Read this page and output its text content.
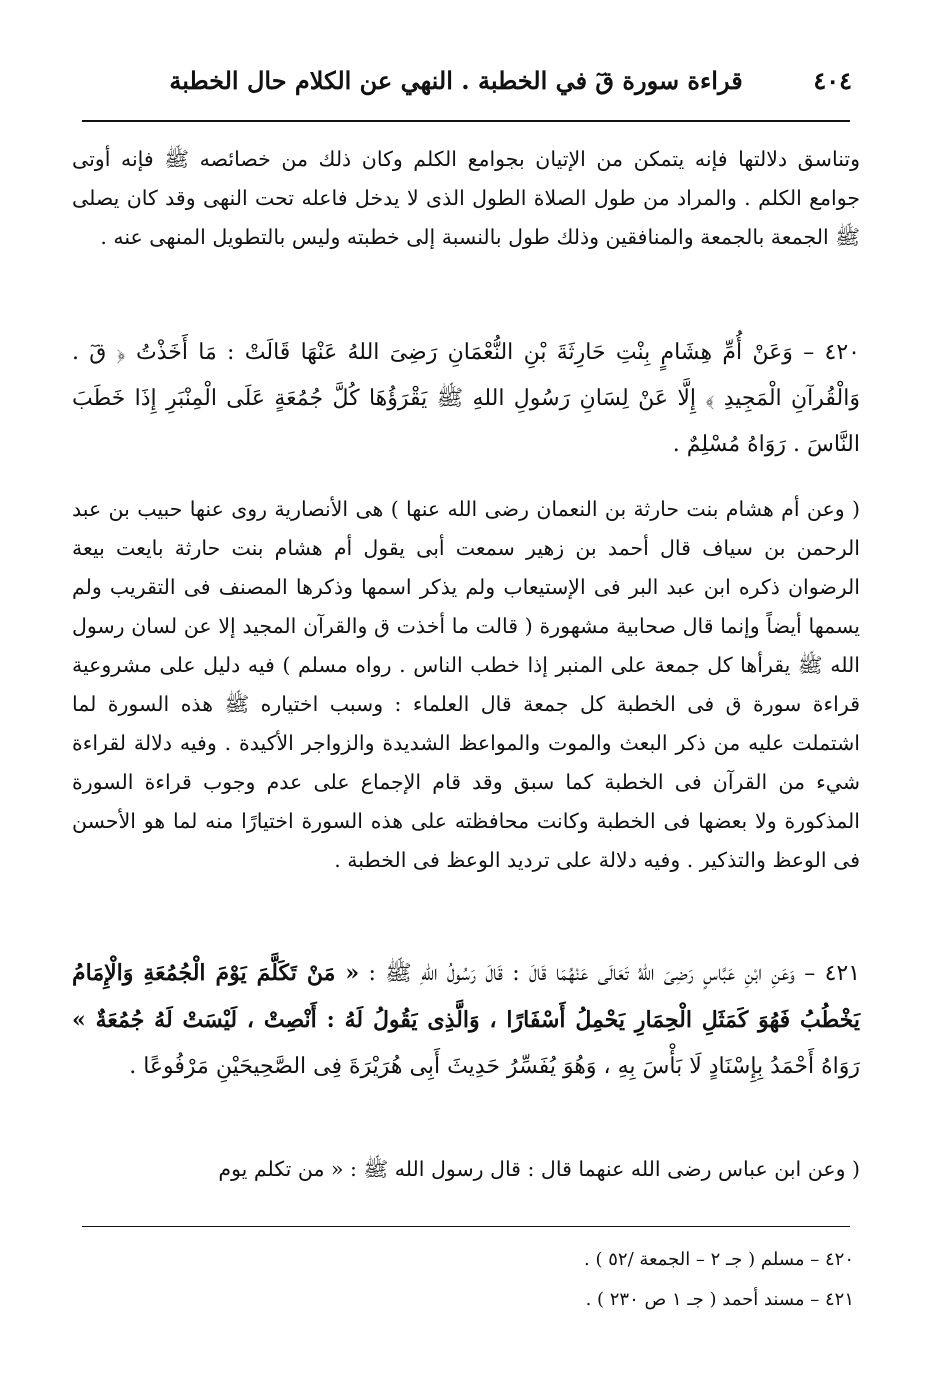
٤٠٤
قراءة سورة قٓ في الخطبة . النهي عن الكلام حال الخطبة

وتناسق دلالتها فإنه يتمكن من الإتيان بجوامع الكلم وكان ذلك من خصائصه ﷺ فإنه أوتى جوامع الكلم . والمراد من طول الصلاة الطول الذى لا يدخل فاعله تحت النهى وقد كان يصلى ﷺ الجمعة بالجمعة والمنافقين وذلك طول بالنسبة إلى خطبته وليس بالتطويل المنهى عنه .

٤٢٠ – وَعَنْ أُمِّ هِشَامٍ بِنْتِ حَارِثَةَ بْنِ النُّعْمَانِ رَضِىَ اللهُ عَنْهَا قَالَتْ : مَا أَخَذْتُ ﴿ قٓ . وَالْقُرآنِ الْمَجِيدِ ﴾ إِلَّا عَنْ لِسَانِ رَسُولِ اللهِ ﷺ يَقْرَؤُهَا كُلَّ جُمُعَةٍ عَلَى الْمِنْبَرِ إِذَا خَطَبَ النَّاسَ . رَوَاهُ مُسْلِمٌ .

( وعن أم هشام بنت حارثة بن النعمان رضى الله عنها ) هى الأنصارية روى عنها حبيب بن عبد الرحمن بن سياف قال أحمد بن زهير سمعت أبى يقول أم هشام بنت حارثة بايعت بيعة الرضوان ذكره ابن عبد البر فى الإستيعاب ولم يذكر اسمها وذكرها المصنف فى التقريب ولم يسمها أيضاً وإنما قال صحابية مشهورة ( قالت ما أخذت ق والقرآن المجيد إلا عن لسان رسول الله ﷺ يقرأها كل جمعة على المنبر إذا خطب الناس . رواه مسلم ) فيه دليل على مشروعية قراءة سورة ق فى الخطبة كل جمعة قال العلماء : وسبب اختياره ﷺ هذه السورة لما اشتملت عليه من ذكر البعث والموت والمواعظ الشديدة والزواجر الأكيدة . وفيه دلالة لقراءة شيء من القرآن فى الخطبة كما سبق وقد قام الإجماع على عدم وجوب قراءة السورة المذكورة ولا بعضها فى الخطبة وكانت محافظته على هذه السورة اختيارًا منه لما هو الأحسن فى الوعظ والتذكير . وفيه دلالة على ترديد الوعظ فى الخطبة .

٤٢١ – وَعَنِ ابْنِ عَبَّاسٍ رَضِىَ اللهُ تَعَالَى عَنْهُمَا قَالَ : قَالَ رَسُولُ اللهِ ﷺ : « مَنْ تَكَلَّمَ يَوْمَ الْجُمُعَةِ وَالْإِمَامُ يَخْطُبُ فَهُوَ كَمَثَلِ الْحِمَارِ يَحْمِلُ أَسْفَارًا ، وَالَّذِى يَقُولُ لَهُ : أَنْصِتْ ، لَيْسَتْ لَهُ جُمُعَةٌ » رَوَاهُ أَحْمَدُ بِإِسْنَادٍ لَا بَأْسَ بِهِ ، وَهُوَ يُفَسِّرُ حَدِيثَ أَبِى هُرَيْرَةَ فِى الصَّحِيحَيْنِ مَرْفُوعًا .

( وعن ابن عباس رضى الله عنهما قال : قال رسول الله ﷺ : « من تكلم يوم

٤٢٠ – مسلم ( جـ ٢ – الجمعة /٥٢ ) .
٤٢١ – مسند أحمد ( جـ ١ ص ٢٣٠ ) .
